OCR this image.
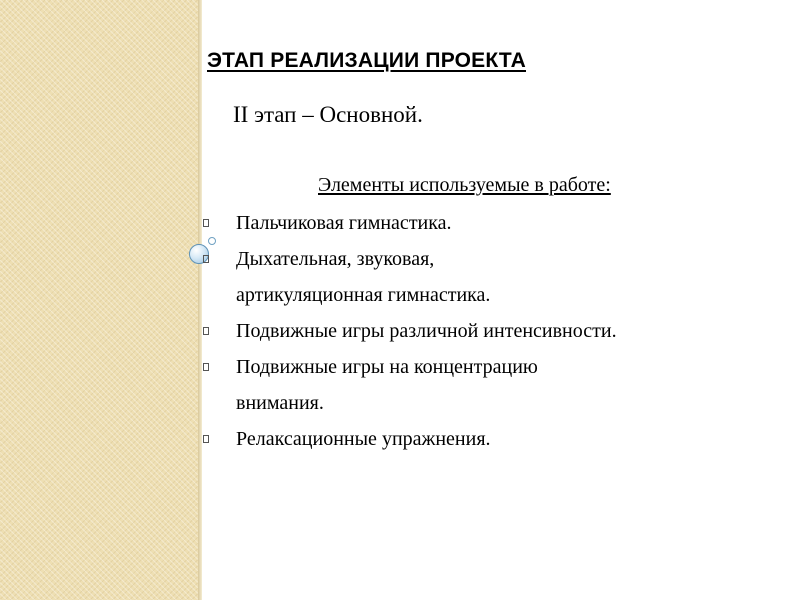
ЭТАП РЕАЛИЗАЦИИ ПРОЕКТА
II этап – Основной.
Элементы используемые в работе:
Пальчиковая гимнастика.
Дыхательная, звуковая,
артикуляционная гимнастика.
Подвижные игры различной интенсивности.
Подвижные игры на концентрацию
внимания.
Релаксационные упражнения.
